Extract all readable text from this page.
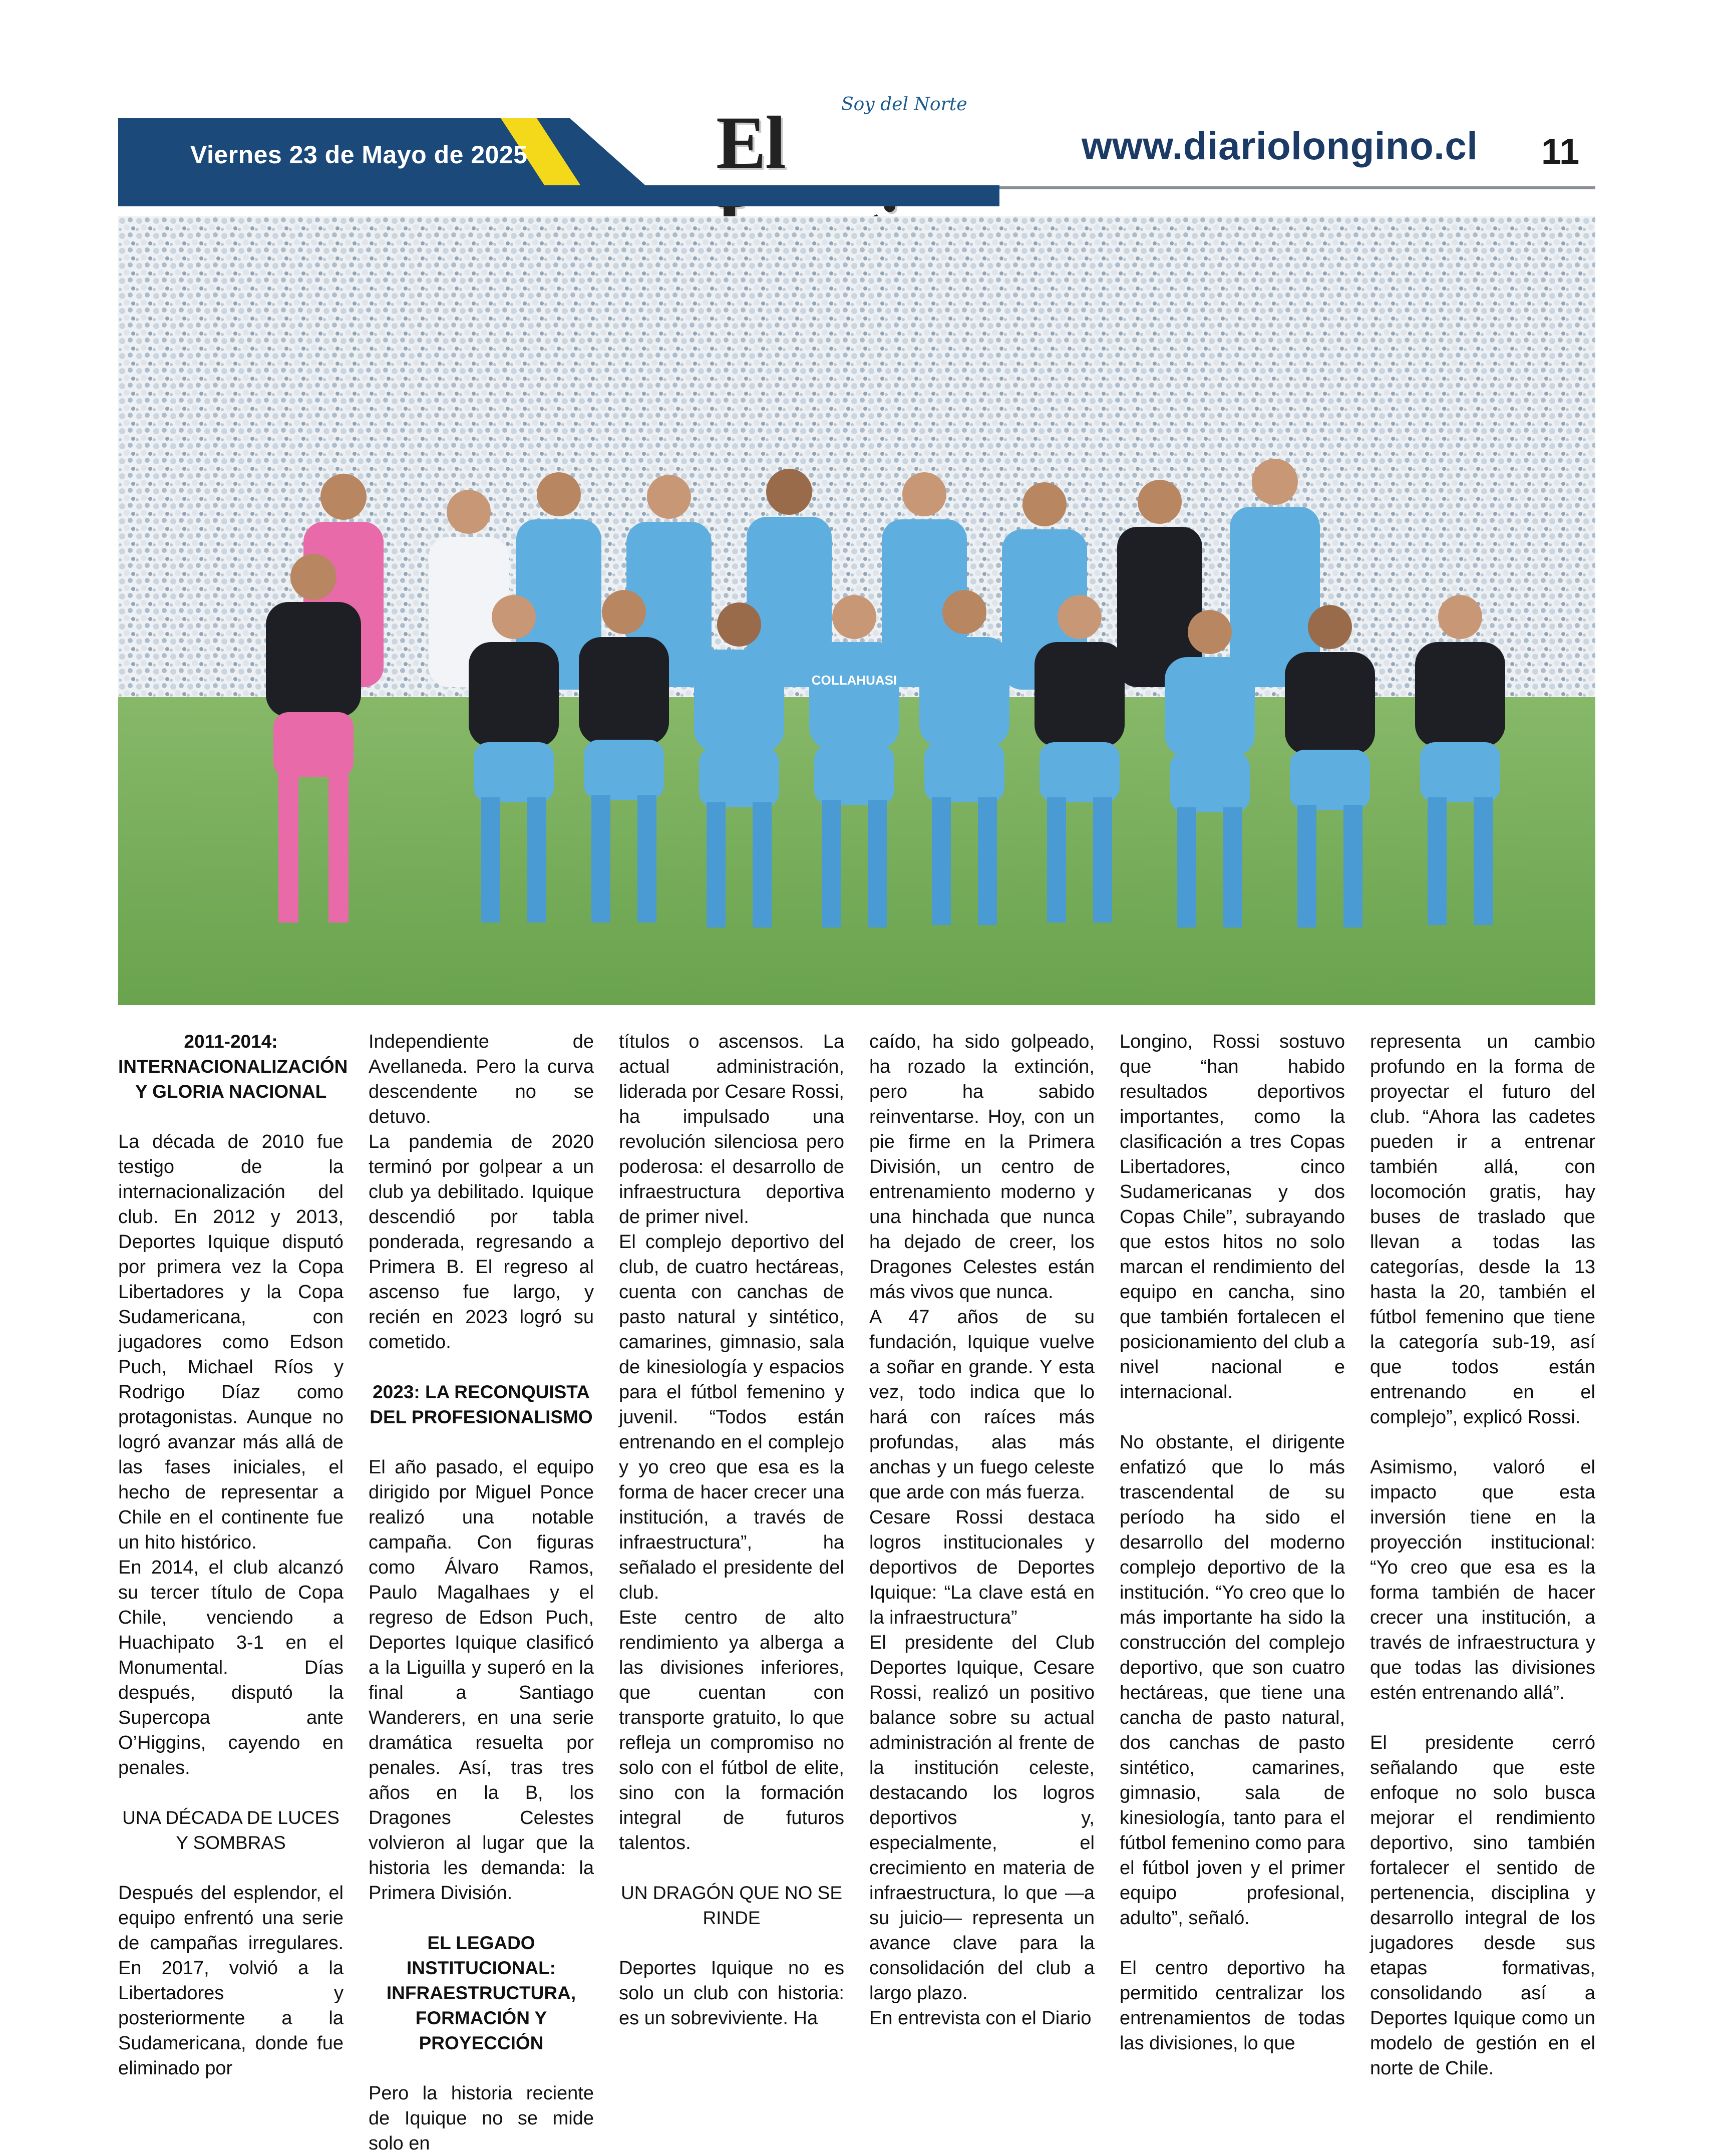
Viernes 23 de Mayo de 2025	El	Soy del Norte
www.diariolongino.cl 11
COLLAHUASI
2011-2014: INTERNACIONALIZACIÓN Y GLORIA NACIONAL

La década de 2010 fue testigo de la internacionalización del club. En 2012 y 2013, Deportes Iquique disputó por primera vez la Copa Libertadores y la Copa Sudamericana, con jugadores como Edson Puch, Michael Ríos y Rodrigo Díaz como protagonistas. Aunque no logró avanzar más allá de las fases iniciales, el hecho de representar a Chile en el continente fue un hito histórico.

En 2014, el club alcanzó su tercer título de Copa Chile, venciendo a Huachipato 3-1 en el Monumental. Días después, disputó la Supercopa ante O’Higgins, cayendo en penales.

UNA DÉCADA DE LUCES Y SOMBRAS

Después del esplendor, el equipo enfrentó una serie de campañas irregulares. En 2017, volvió a la Libertadores y posteriormente a la Sudamericana, donde fue eliminado por

Independiente de Avellaneda. Pero la curva descendente no se detuvo.

La pandemia de 2020 terminó por golpear a un club ya debilitado. Iquique descendió por tabla ponderada, regresando a Primera B. El regreso al ascenso fue largo, y recién en 2023 logró su cometido.

2023: LA RECONQUISTA DEL PROFESIONALISMO

El año pasado, el equipo dirigido por Miguel Ponce realizó una notable campaña. Con figuras como Álvaro Ramos, Paulo Magalhaes y el regreso de Edson Puch, Deportes Iquique clasificó a la Liguilla y superó en la final a Santiago Wanderers, en una serie dramática resuelta por penales. Así, tras tres años en la B, los Dragones Celestes volvieron al lugar que la historia les demanda: la Primera División.

EL LEGADO INSTITUCIONAL: INFRAESTRUCTURA, FORMACIÓN Y PROYECCIÓN

Pero la historia reciente de Iquique no se mide solo en

títulos o ascensos. La actual administración, liderada por Cesare Rossi, ha impulsado una revolución silenciosa pero poderosa: el desarrollo de infraestructura deportiva de primer nivel.

El complejo deportivo del club, de cuatro hectáreas, cuenta con canchas de pasto natural y sintético, camarines, gimnasio, sala de kinesiología y espacios para el fútbol femenino y juvenil. “Todos están entrenando en el complejo y yo creo que esa es la forma de hacer crecer una institución, a través de infraestructura”, ha señalado el presidente del club.

Este centro de alto rendimiento ya alberga a las divisiones inferiores, que cuentan con transporte gratuito, lo que refleja un compromiso no solo con el fútbol de elite, sino con la formación integral de futuros talentos.

UN DRAGÓN QUE NO SE RINDE

Deportes Iquique no es solo un club con historia: es un sobreviviente. Ha

caído, ha sido golpeado, ha rozado la extinción, pero ha sabido reinventarse. Hoy, con un pie firme en la Primera División, un centro de entrenamiento moderno y una hinchada que nunca ha dejado de creer, los Dragones Celestes están más vivos que nunca.

A 47 años de su fundación, Iquique vuelve a soñar en grande. Y esta vez, todo indica que lo hará con raíces más profundas, alas más anchas y un fuego celeste que arde con más fuerza.

Cesare Rossi destaca logros institucionales y deportivos de Deportes Iquique: “La clave está en la infraestructura”

El presidente del Club Deportes Iquique, Cesare Rossi, realizó un positivo balance sobre su actual administración al frente de la institución celeste, destacando los logros deportivos y, especialmente, el crecimiento en materia de infraestructura, lo que —a su juicio— representa un avance clave para la consolidación del club a largo plazo.

En entrevista con el Diario

Longino, Rossi sostuvo que “han habido resultados deportivos importantes, como la clasificación a tres Copas Libertadores, cinco Sudamericanas y dos Copas Chile”, subrayando que estos hitos no solo marcan el rendimiento del equipo en cancha, sino que también fortalecen el posicionamiento del club a nivel nacional e internacional.

No obstante, el dirigente enfatizó que lo más trascendental de su período ha sido el desarrollo del moderno complejo deportivo de la institución. “Yo creo que lo más importante ha sido la construcción del complejo deportivo, que son cuatro hectáreas, que tiene una cancha de pasto natural, dos canchas de pasto sintético, camarines, gimnasio, sala de kinesiología, tanto para el fútbol femenino como para el fútbol joven y el primer equipo profesional, adulto”, señaló.

El centro deportivo ha permitido centralizar los entrenamientos de todas las divisiones, lo que

representa un cambio profundo en la forma de proyectar el futuro del club. “Ahora las cadetes pueden ir a entrenar también allá, con locomoción gratis, hay buses de traslado que llevan a todas las categorías, desde la 13 hasta la 20, también el fútbol femenino que tiene la categoría sub-19, así que todos están entrenando en el complejo”, explicó Rossi.

Asimismo, valoró el impacto que esta inversión tiene en la proyección institucional: “Yo creo que esa es la forma también de hacer crecer una institución, a través de infraestructura y que todas las divisiones estén entrenando allá”.

El presidente cerró señalando que este enfoque no solo busca mejorar el rendimiento deportivo, sino también fortalecer el sentido de pertenencia, disciplina y desarrollo integral de los jugadores desde sus etapas formativas, consolidando así a Deportes Iquique como un modelo de gestión en el norte de Chile.
